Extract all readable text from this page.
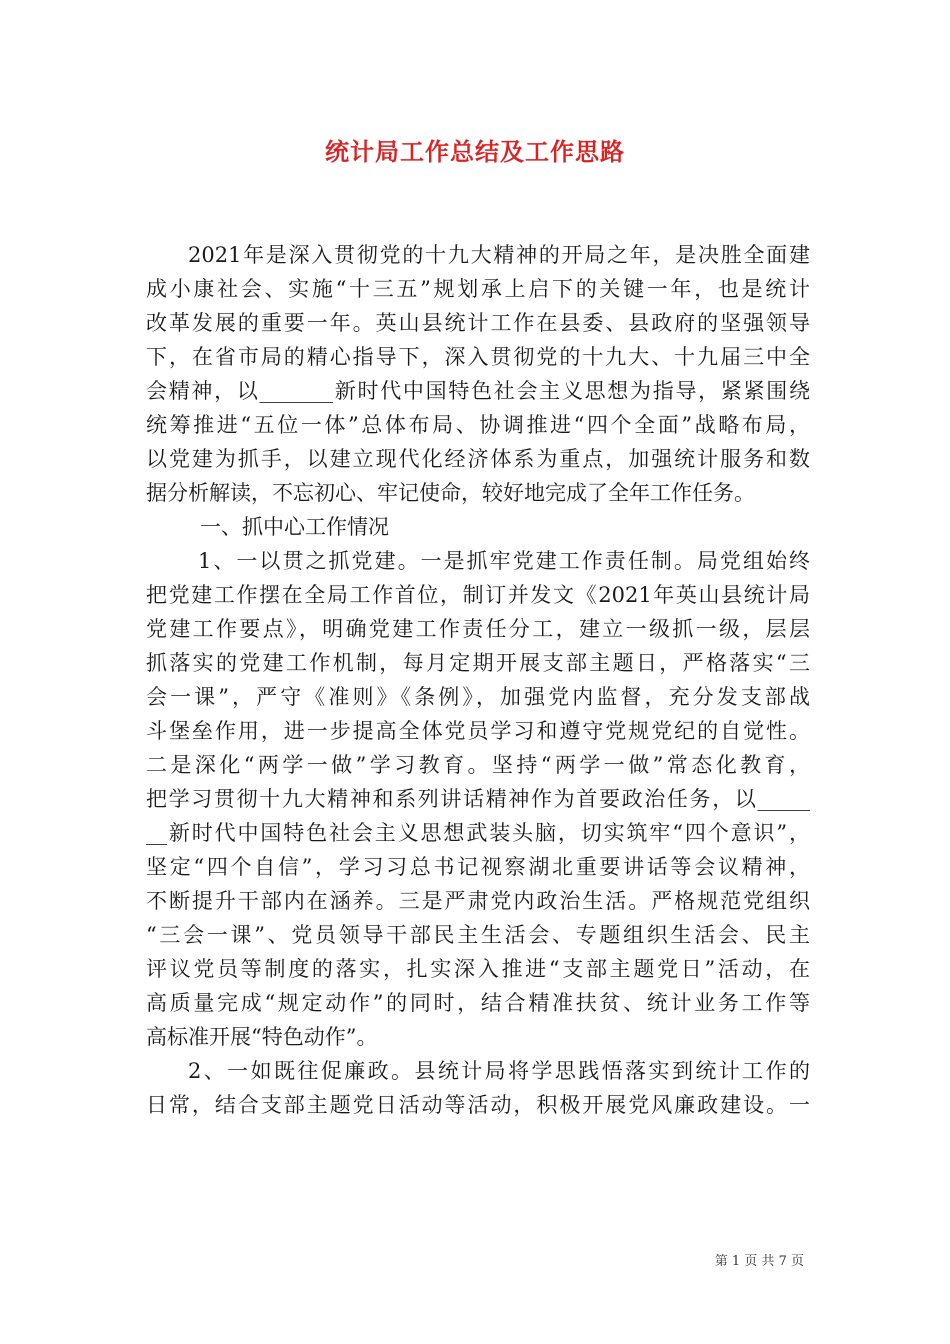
统计局工作总结及工作思路
2021年是深入贯彻党的十九大精神的开局之年，是决胜全面建
成小康社会、实施“十三五”规划承上启下的关键一年，也是统计
改革发展的重要一年。英山县统计工作在县委、县政府的坚强领导
下，在省市局的精心指导下，深入贯彻党的十九大、十九届三中全
会精神，以_______新时代中国特色社会主义思想为指导，紧紧围绕
统筹推进“五位一体”总体布局、协调推进“四个全面”战略布局，
以党建为抓手，以建立现代化经济体系为重点，加强统计服务和数
据分析解读，不忘初心、牢记使命，较好地完成了全年工作任务。
一、抓中心工作情况
1、一以贯之抓党建。一是抓牢党建工作责任制。局党组始终
把党建工作摆在全局工作首位，制订并发文《2021年英山县统计局
党建工作要点》，明确党建工作责任分工，建立一级抓一级，层层
抓落实的党建工作机制，每月定期开展支部主题日，严格落实“三
会一课”，严守《准则》《条例》，加强党内监督，充分发支部战
斗堡垒作用，进一步提高全体党员学习和遵守党规党纪的自觉性。
二是深化“两学一做”学习教育。坚持“两学一做”常态化教育，
把学习贯彻十九大精神和系列讲话精神作为首要政治任务，以_____
__新时代中国特色社会主义思想武装头脑，切实筑牢“四个意识”，
坚定“四个自信”，学习习总书记视察湖北重要讲话等会议精神，
不断提升干部内在涵养。三是严肃党内政治生活。严格规范党组织
“三会一课”、党员领导干部民主生活会、专题组织生活会、民主
评议党员等制度的落实，扎实深入推进“支部主题党日”活动，在
高质量完成“规定动作”的同时，结合精准扶贫、统计业务工作等
高标准开展“特色动作”。
2、一如既往促廉政。县统计局将学思践悟落实到统计工作的
日常，结合支部主题党日活动等活动，积极开展党风廉政建设。一
第 1 页 共 7 页
